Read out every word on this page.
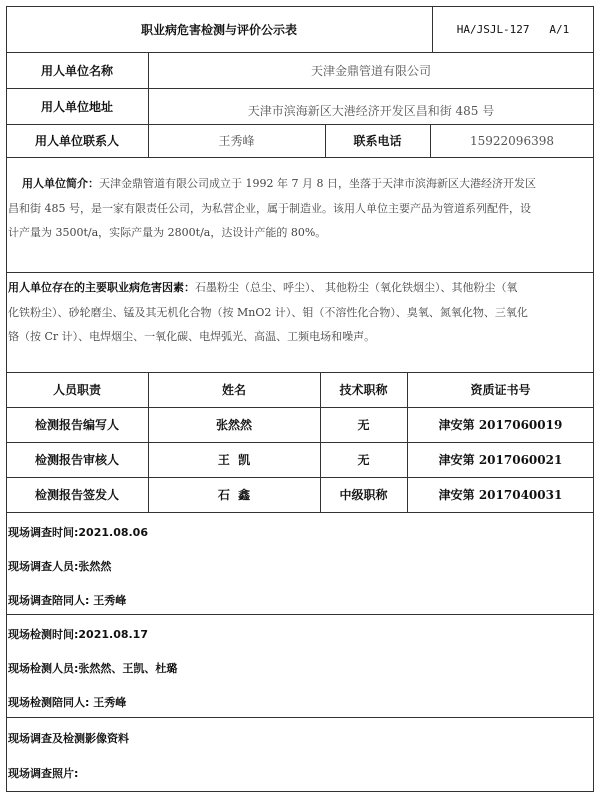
职业病危害检测与评价公示表	HA/JSJL-127   A/1
用人单位名称	天津金鼎管道有限公司
用人单位地址	天津市滨海新区大港经济开发区昌和街 485 号
用人单位联系人	王秀峰	联系电话	15922096398
用人单位简介：天津金鼎管道有限公司成立于 1992 年 7 月 8 日，坐落于天津市滨海新区大港经济开发区
昌和街 485 号，是一家有限责任公司，为私营企业，属于制造业。该用人单位主要产品为管道系列配件，设
计产量为 3500t/a，实际产量为 2800t/a，达设计产能的 80%。
用人单位存在的主要职业病危害因素：石墨粉尘（总尘、呼尘）、 其他粉尘（氧化铁烟尘）、其他粉尘（氧
化铁粉尘）、砂轮磨尘、锰及其无机化合物（按 MnO2 计）、钼（不溶性化合物）、臭氧、氮氧化物、三氧化
铬（按 Cr 计）、电焊烟尘、一氧化碳、电焊弧光、高温、工频电场和噪声。
人员职责	姓名	技术职称	资质证书号
检测报告编写人	张然然	无	津安第 2017060019
检测报告审核人	王  凯	无	津安第 2017060021
检测报告签发人	石  鑫	中级职称	津安第 2017040031
现场调查时间:2021.08.06
现场调查人员:张然然
现场调查陪同人: 王秀峰
现场检测时间:2021.08.17
现场检测人员:张然然、王凯、杜璐
现场检测陪同人: 王秀峰
现场调查及检测影像资料
现场调查照片:
